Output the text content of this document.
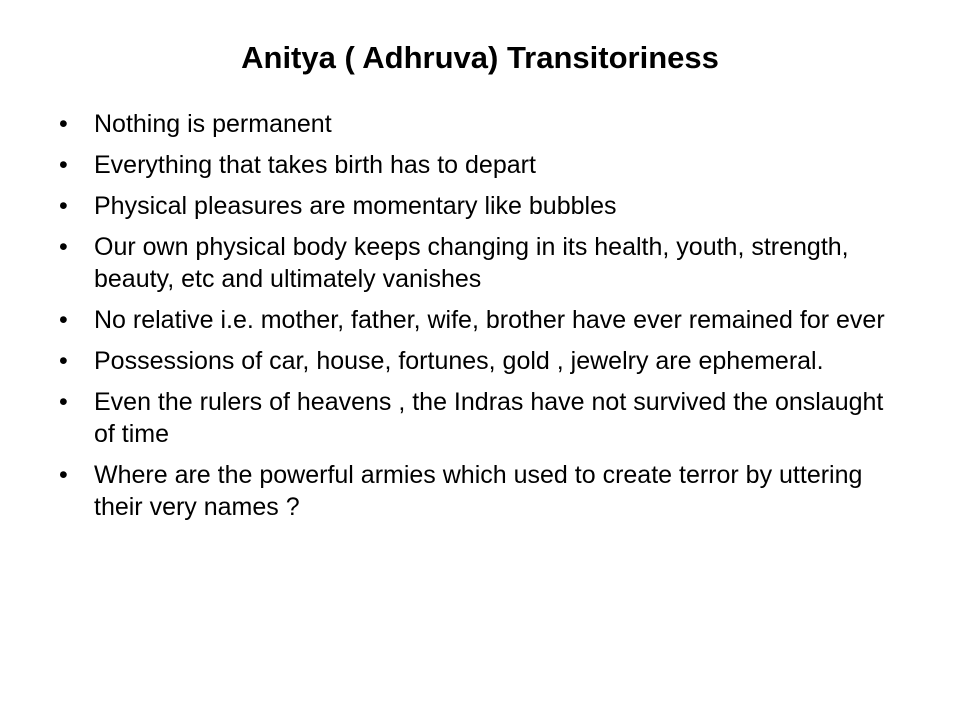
Anitya ( Adhruva) Transitoriness
•	Nothing is permanent
•	Everything that takes birth has to depart
•	Physical pleasures are momentary like bubbles
•	Our own physical body keeps changing in its health, youth, strength, beauty, etc and ultimately vanishes
•	No relative i.e. mother, father, wife, brother have ever remained for ever
•	Possessions of car, house, fortunes, gold , jewelry are ephemeral.
•	Even the rulers of heavens , the Indras have not survived the onslaught of time
•	Where are the powerful armies which used to create terror by uttering their very names ?
